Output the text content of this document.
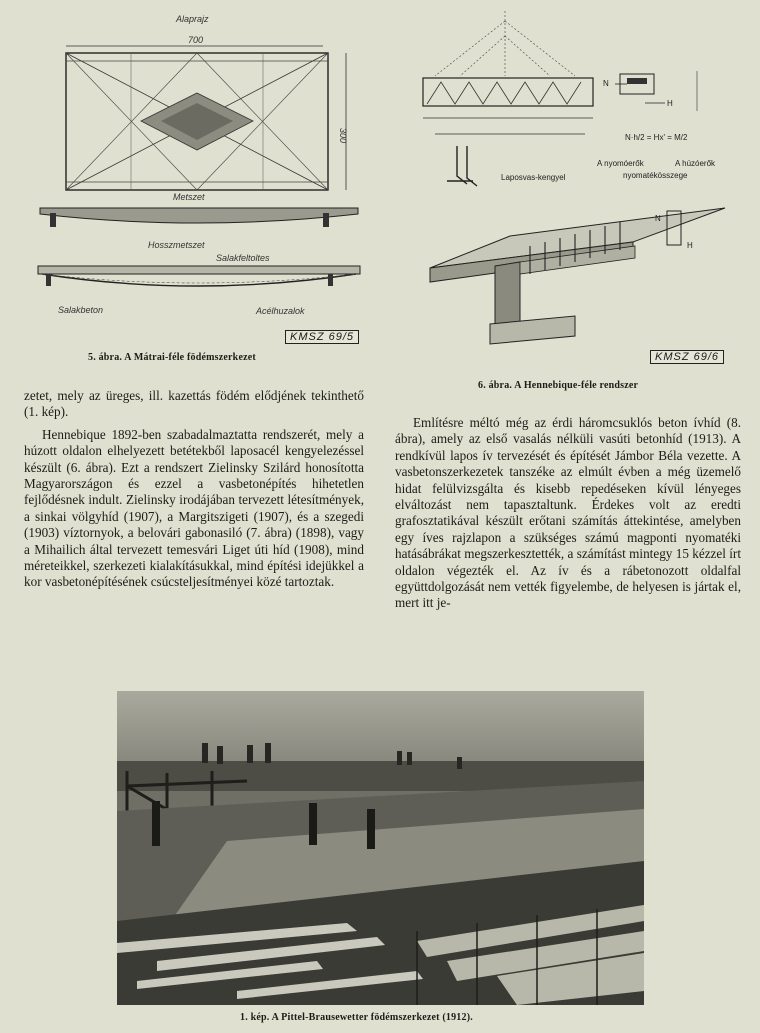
Alaprajz
700
300
Metszet
Hosszmetszet
Salakfeltoltes
Salakbeton	Acélhuzalok
KMSZ 69/5
5. ábra. A Mátrai-féle födémszerkezet
Laposvas-kengyel
N
H
N·h/2 = Hx' = M/2
A nyomóerők	A húzóerők
nyomatékösszege
N
H
KMSZ 69/6
6. ábra. A Hennebique-féle rendszer

zetet, mely az üreges, ill. kazettás födém elődjének tekinthető (1. kép).

Hennebique 1892-ben szabadalmaztatta rendszerét, mely a húzott oldalon elhelyezett betétekből laposacél kengyelezéssel készült (6. ábra). Ezt a rendszert Zielinsky Szilárd honosította Magyarországon és ezzel a vasbetonépítés hihetetlen fejlődésnek indult. Zielinsky irodájában tervezett létesítmények, a sinkai völgyhíd (1907), a Margitszigeti (1907), és a szegedi (1903) víztornyok, a belovári gabonasiló (7. ábra) (1898), vagy a Mihailich által tervezett temesvári Liget úti híd (1908), mind méreteikkel, szerkezeti kialakításukkal, mind építési idejükkel a kor vasbetonépítésének csúcsteljesítményei közé tartoztak.

Említésre méltó még az érdi háromcsuklós beton ívhíd (8. ábra), amely az első vasalás nélküli vasúti betonhíd (1913). A rendkívül lapos ív tervezését és építését Jámbor Béla vezette. A vasbetonszerkezetek tanszéke az elmúlt évben a még üzemelő hidat felülvizsgálta és kisebb repedéseken kívül lényeges elváltozást nem tapasztaltunk. Érdekes volt az eredti grafosztatikával készült erőtani számítás áttekintése, amelyben egy íves rajzlapon a szükséges számú magponti nyomatéki hatásábrákat megszerkesztették, a számítást mintegy 15 kézzel írt oldalon végezték el. Az ív és a rábetonozott oldalfal együttdolgozását nem vették figyelembe, de helyesen is jártak el, mert itt je-

1. kép. A Pittel-Brausewetter födémszerkezet (1912).
